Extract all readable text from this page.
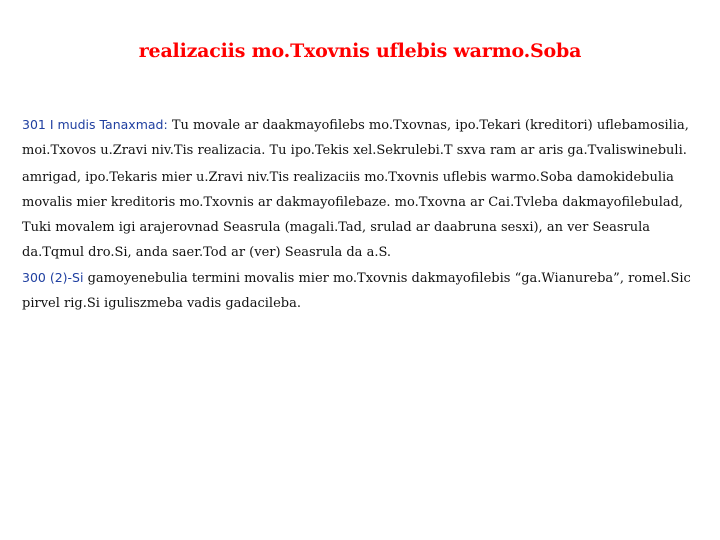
realizaciis mo.Txovnis uflebis warmo.Soba

301 I mudis Tanaxmad: Tu movale ar daakmayofilebs mo.Txovnas, ipo.Tekari (kreditori) uflebamosilia, moi.Txovos u.Zravi niv.Tis realizacia. Tu ipo.Tekis xel.Sekrulebi.T sxva ram ar aris ga.Tvaliswinebuli.

amrigad, ipo.Tekaris mier u.Zravi niv.Tis realizaciis mo.Txovnis uflebis warmo.Soba damokidebulia movalis mier kreditoris mo.Txovnis ar dakmayofilebaze. mo.Txovna ar Cai.Tvleba dakmayofilebulad, Tuki movalem igi arajerovnad Seasrula (magali.Tad, srulad ar daabruna sesxi), an ver Seasrula da.Tqmul dro.Si, anda saer.Tod ar (ver) Seasrula da a.S.

300 (2)-Si gamoyenebulia termini movalis mier mo.Txovnis dakmayofilebis “ga.Wianureba”, romel.Sic pirvel rig.Si iguliszmeba vadis gadacileba.
